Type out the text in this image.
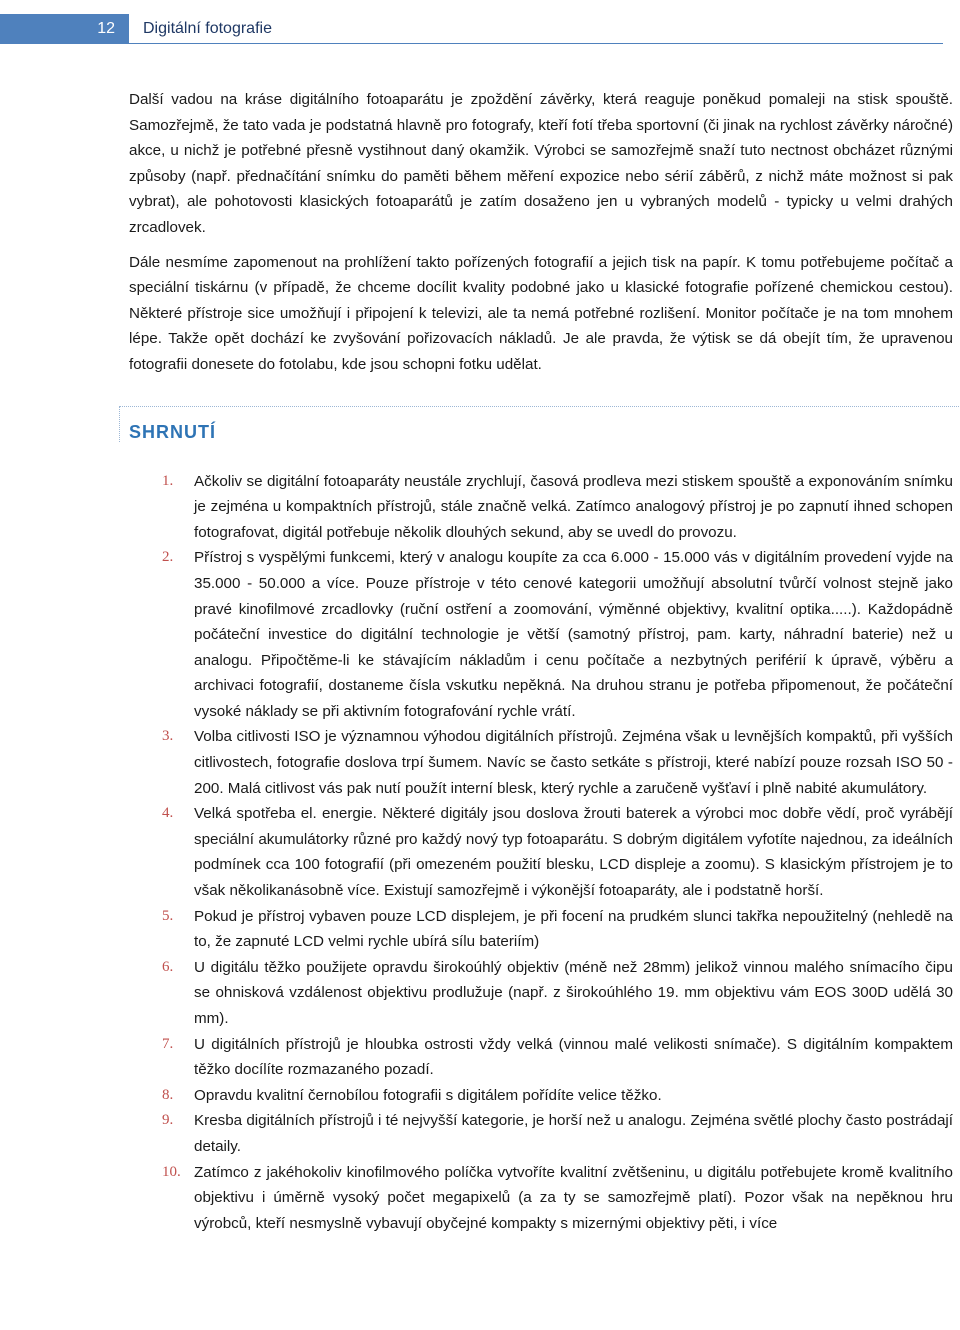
12	Digitální fotografie

Další vadou na kráse digitálního fotoaparátu je zpoždění závěrky, která reaguje poněkud pomaleji na stisk spouště. Samozřejmě, že tato vada je podstatná hlavně pro fotografy, kteří fotí třeba sportovní (či jinak na rychlost závěrky náročné) akce, u nichž je potřebné přesně vystihnout daný okamžik. Výrobci se samozřejmě snaží tuto nectnost obcházet různými způsoby (např. přednačítání snímku do paměti během měření expozice nebo sérií záběrů, z nichž máte možnost si pak vybrat), ale pohotovosti klasických fotoaparátů je zatím dosaženo jen u vybraných modelů - typicky u velmi drahých zrcadlovek.

Dále nesmíme zapomenout na prohlížení takto pořízených fotografií a jejich tisk na papír. K tomu potřebujeme počítač a speciální tiskárnu (v případě, že chceme docílit kvality podobné jako u klasické fotografie pořízené chemickou cestou). Některé přístroje sice umožňují i připojení k televizi, ale ta nemá potřebné rozlišení. Monitor počítače je na tom mnohem lépe. Takže opět dochází ke zvyšování pořizovacích nákladů. Je ale pravda, že výtisk se dá obejít tím, že upravenou fotografii donesete do fotolabu, kde jsou schopni fotku udělat.

SHRNUTÍ
1. Ačkoliv se digitální fotoaparáty neustále zrychlují, časová prodleva mezi stiskem spouště a exponováním snímku je zejména u kompaktních přístrojů, stále značně velká. Zatímco analogový přístroj je po zapnutí ihned schopen fotografovat, digitál potřebuje několik dlouhých sekund, aby se uvedl do provozu.
2. Přístroj s vyspělými funkcemi, který v analogu koupíte za cca 6.000 - 15.000 vás v digitálním provedení vyjde na 35.000 - 50.000 a více. Pouze přístroje v této cenové kategorii umožňují absolutní tvůrčí volnost stejně jako pravé kinofilmové zrcadlovky (ruční ostření a zoomování, výměnné objektivy, kvalitní optika.....). Každopádně počáteční investice do digitální technologie je větší (samotný přístroj, pam. karty, náhradní baterie) než u analogu. Připočtěme-li ke stávajícím nákladům i cenu počítače a nezbytných periférií k úpravě, výběru a archivaci fotografií, dostaneme čísla vskutku nepěkná. Na druhou stranu je potřeba připomenout, že počáteční vysoké náklady se při aktivním fotografování rychle vrátí.
3. Volba citlivosti ISO je významnou výhodou digitálních přístrojů. Zejména však u levnějších kompaktů, při vyšších citlivostech, fotografie doslova trpí šumem. Navíc se často setkáte s přístroji, které nabízí pouze rozsah ISO 50 - 200. Malá citlivost vás pak nutí použít interní blesk, který rychle a zaručeně vyšťaví i plně nabité akumulátory.
4. Velká spotřeba el. energie. Některé digitály jsou doslova žrouti baterek a výrobci moc dobře vědí, proč vyrábějí speciální akumulátorky různé pro každý nový typ fotoaparátu. S dobrým digitálem vyfotíte najednou, za ideálních podmínek cca 100 fotografií (při omezeném použití blesku, LCD displeje a zoomu). S klasickým přístrojem je to však několikanásobně více. Existují samozřejmě i výkonější fotoaparáty, ale i podstatně horší.
5. Pokud je přístroj vybaven pouze LCD displejem, je při focení na prudkém slunci takřka nepoužitelný (nehledě na to, že zapnuté LCD velmi rychle ubírá sílu bateriím)
6. U digitálu těžko použijete opravdu širokoúhlý objektiv (méně než 28mm) jelikož vinnou malého snímacího čipu se ohnisková vzdálenost objektivu prodlužuje (např. z širokoúhlého 19. mm objektivu vám EOS 300D udělá 30 mm).
7. U digitálních přístrojů je hloubka ostrosti vždy velká (vinnou malé velikosti snímače). S digitálním kompaktem těžko docílíte rozmazaného pozadí.
8. Opravdu kvalitní černobílou fotografii s digitálem pořídíte velice těžko.
9. Kresba digitálních přístrojů i té nejvyšší kategorie, je horší než u analogu. Zejména světlé plochy často postrádají detaily.
10. Zatímco z jakéhokoliv kinofilmového políčka vytvoříte kvalitní zvětšeninu, u digitálu potřebujete kromě kvalitního objektivu i úměrně vysoký počet megapixelů (a za ty se samozřejmě platí). Pozor však na nepěknou hru výrobců, kteří nesmyslně vybavují obyčejné kompakty s mizernými objektivy pěti, i více
